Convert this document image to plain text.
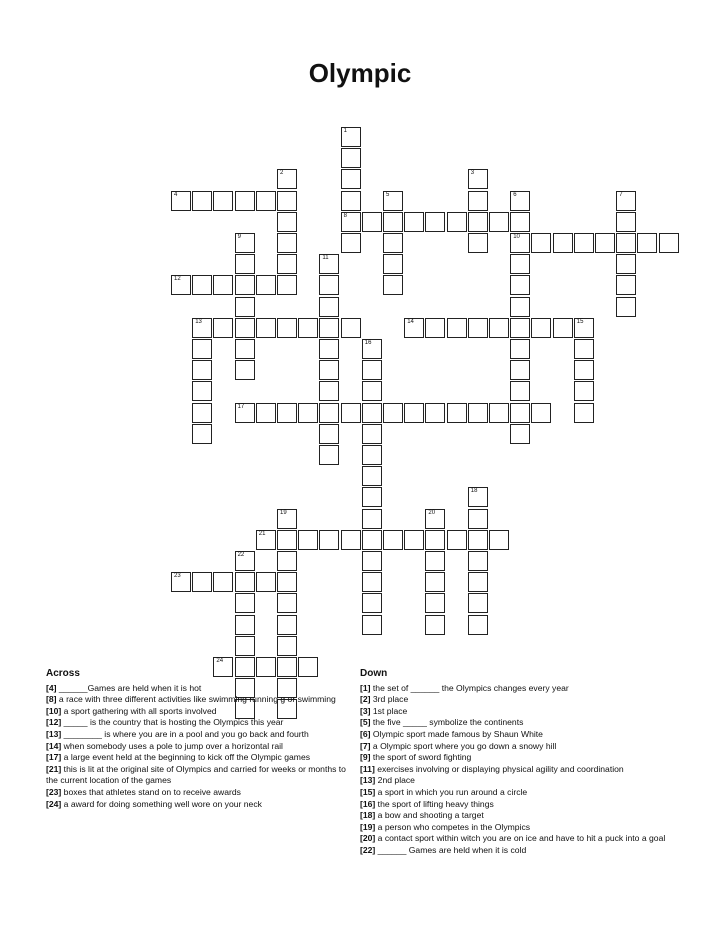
Olympic
1
8
2	3
4	5	6
10
7
9
11
12
13	14	15
16
17
18
19	20
21
22
23
24
Across

[4] ______Games are held when it is hot

[8] a race with three different activities like swimming running g or swimming

[10] a sport gathering with all sports involved

[12] _____ is the country that is hosting the Olympics this year

[13] ________ is where you are in a pool and you go back and fourth

[14] when somebody uses a pole to jump over a horizontal rail

[17] a large event held at the beginning to kick off the Olympic games

[21] this is lit at the original site of Olympics and carried for weeks or months to the current location of the games

[23] boxes that athletes stand on to receive awards

[24] a award for doing something well wore on your neck

Down

[1] the set of ______ the Olympics changes every year

[2] 3rd place

[3] 1st place

[5] the five _____ symbolize the continents

[6] Olympic sport made famous by Shaun White

[7] a Olympic sport where you go down a snowy hill

[9] the sport of sword fighting

[11] exercises involving or displaying physical agility and coordination

[13] 2nd place

[15] a sport in which you run around a circle

[16] the sport of lifting heavy things

[18] a bow and shooting a target

[19] a person who competes in the Olympics

[20] a contact sport within witch you are on ice and have to hit a puck into a goal

[22] ______ Games are held when it is cold
